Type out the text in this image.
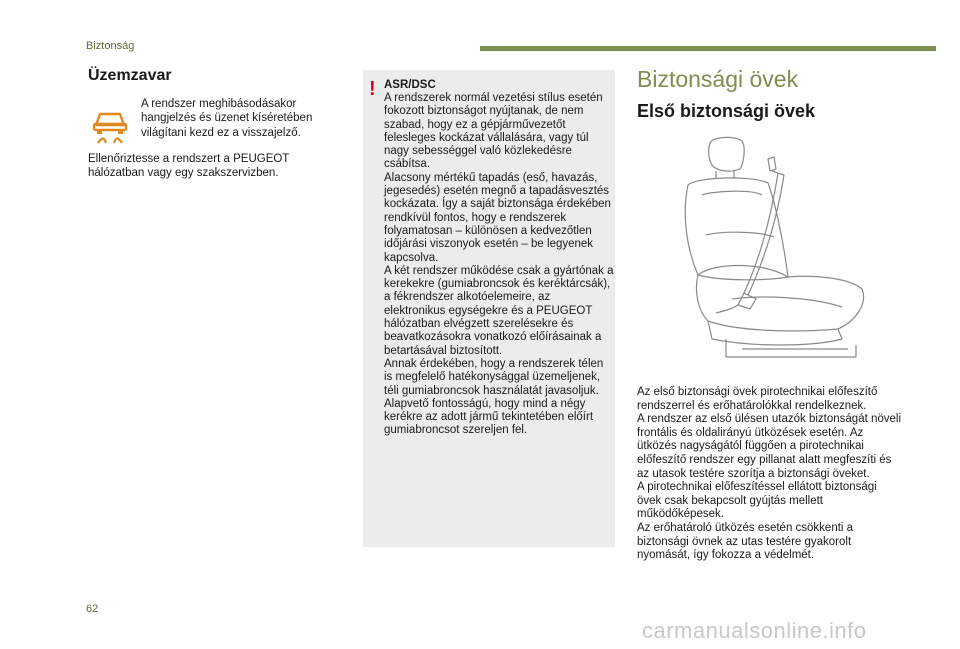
Biztonság
Üzemzavar
A rendszer meghibásodásakor hangjelzés és üzenet kíséretében világítani kezd ez a visszajelző.
Ellenőriztesse a rendszert a PEUGEOT hálózatban vagy egy szakszervizben.
! ASR/DSC

A rendszerek normál vezetési stílus esetén fokozott biztonságot nyújtanak, de nem szabad, hogy ez a gépjárművezetőt felesleges kockázat vállalására, vagy túl nagy sebességgel való közlekedésre csábítsa.

Alacsony mértékű tapadás (eső, havazás, jegesedés) esetén megnő a tapadásvesztés kockázata. Így a saját biztonsága érdekében rendkívül fontos, hogy e rendszerek folyamatosan – különösen a kedvezőtlen időjárási viszonyok esetén – be legyenek kapcsolva.

A két rendszer működése csak a gyártónak a kerekekre (gumiabroncsok és keréktárcsák), a fékrendszer alkotóelemeire, az elektronikus egységekre és a PEUGEOT hálózatban elvégzett szerelésekre és beavatkozásokra vonatkozó előírásainak a betartásával biztosított.

Annak érdekében, hogy a rendszerek télen is megfelelő hatékonysággal üzemeljenek, téli gumiabroncsok használatát javasoljuk.

Alapvető fontosságú, hogy mind a négy kerékre az adott jármű tekintetében előírt gumiabroncsot szereljen fel.

Biztonsági övek
Első biztonsági övek

Az első biztonsági övek pirotechnikai előfeszítő rendszerrel és erőhatárolókkal rendelkeznek.

A rendszer az első ülésen utazók biztonságát növeli frontális és oldalirányú ütközések esetén. Az ütközés nagyságától függően a pirotechnikai előfeszítő rendszer egy pillanat alatt megfeszíti és az utasok testére szorítja a biztonsági öveket.

A pirotechnikai előfeszítéssel ellátott biztonsági övek csak bekapcsolt gyújtás mellett működőképesek.

Az erőhatároló ütközés esetén csökkenti a biztonsági övnek az utas testére gyakorolt nyomását, így fokozza a védelmét.

62
carmanualsonline.info
